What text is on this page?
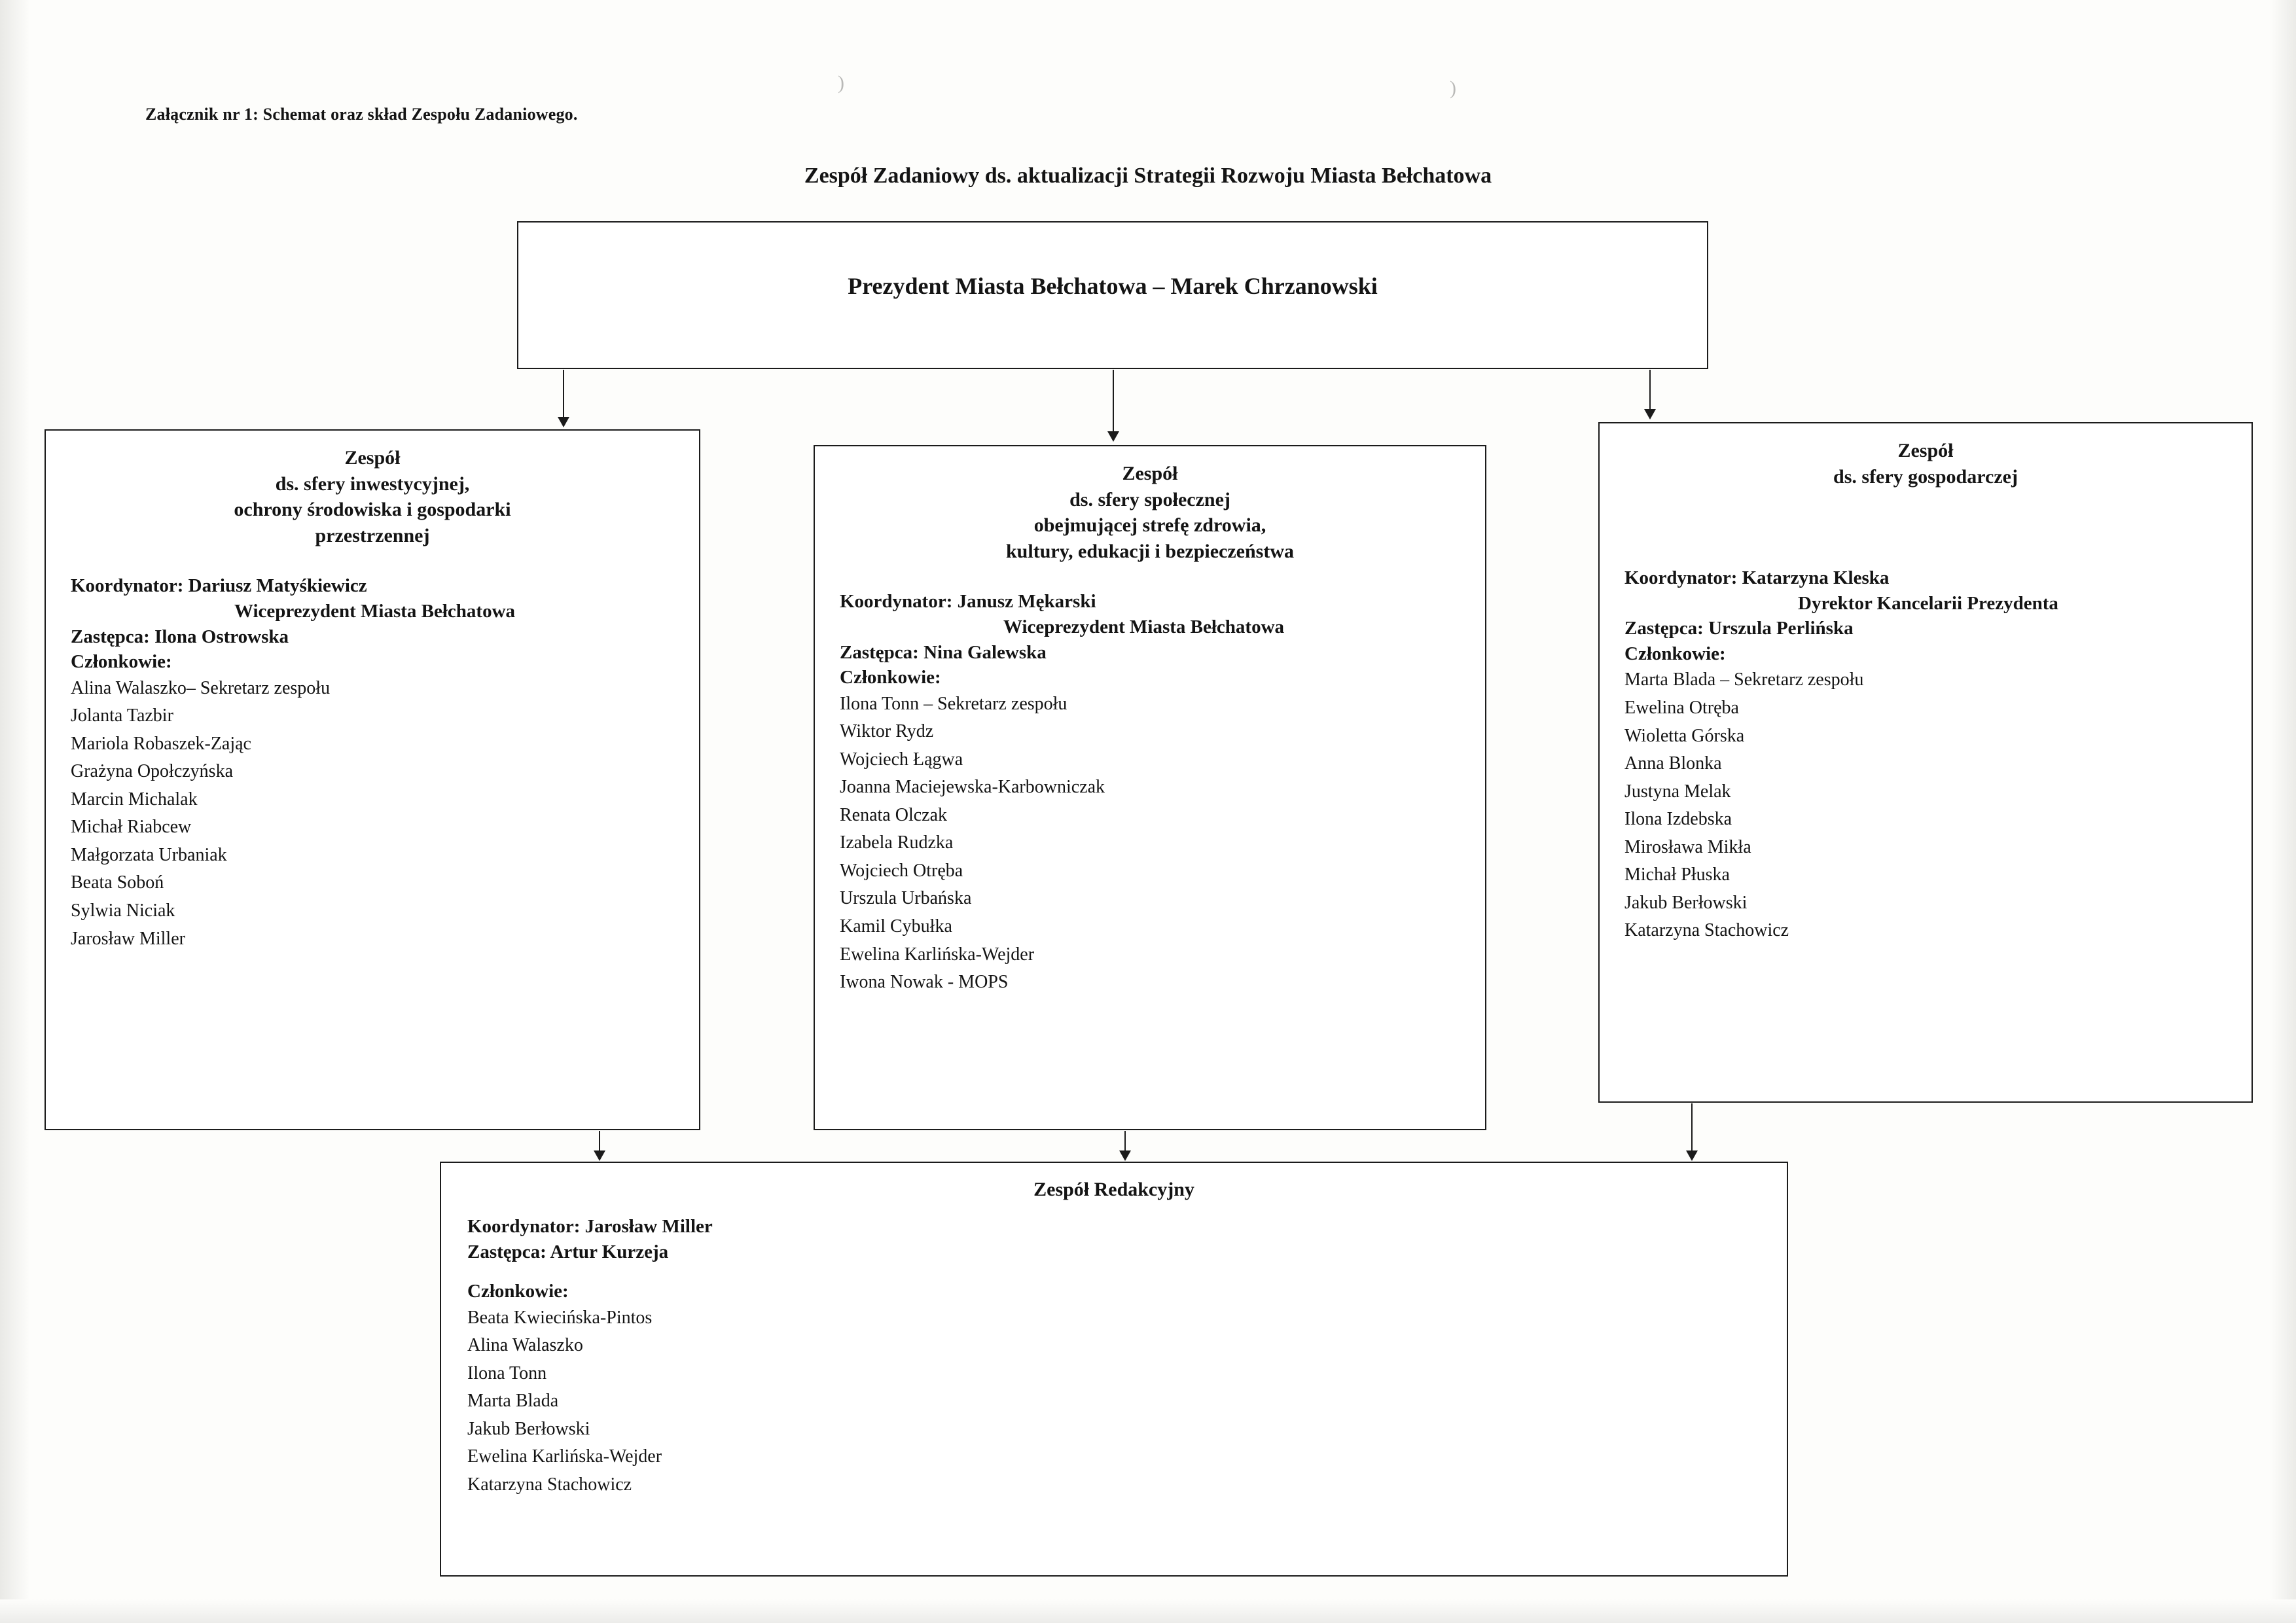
)	)
Załącznik nr 1: Schemat oraz skład Zespołu Zadaniowego.
Zespół Zadaniowy ds. aktualizacji Strategii Rozwoju Miasta Bełchatowa
Prezydent Miasta Bełchatowa – Marek Chrzanowski
Zespół
ds. sfery inwestycyjnej,
ochrony środowiska i gospodarki
przestrzennej
Koordynator: Dariusz Matyśkiewicz
Wiceprezydent Miasta Bełchatowa
Zastępca: Ilona Ostrowska
Członkowie:
Alina Walaszko– Sekretarz zespołu
Jolanta Tazbir
Mariola Robaszek-Zając
Grażyna Opołczyńska
Marcin Michalak
Michał Riabcew
Małgorzata Urbaniak
Beata Soboń
Sylwia Niciak
Jarosław Miller
Zespół
ds. sfery społecznej
obejmującej strefę zdrowia,
kultury, edukacji i bezpieczeństwa
Koordynator: Janusz Mękarski
Wiceprezydent Miasta Bełchatowa
Zastępca: Nina Galewska
Członkowie:
Ilona Tonn – Sekretarz zespołu
Wiktor Rydz
Wojciech Łągwa
Joanna Maciejewska-Karbowniczak
Renata Olczak
Izabela Rudzka
Wojciech Otręba
Urszula Urbańska
Kamil Cybułka
Ewelina Karlińska-Wejder
Iwona Nowak - MOPS
Zespół
ds. sfery gospodarczej
Koordynator: Katarzyna Kleska
Dyrektor Kancelarii Prezydenta
Zastępca: Urszula Perlińska
Członkowie:
Marta Blada – Sekretarz zespołu
Ewelina Otręba
Wioletta Górska
Anna Blonka
Justyna Melak
Ilona Izdebska
Mirosława Mikła
Michał Płuska
Jakub Berłowski
Katarzyna Stachowicz
Zespół Redakcyjny
Koordynator: Jarosław Miller
Zastępca: Artur Kurzeja
Członkowie:
Beata Kwiecińska-Pintos
Alina Walaszko
Ilona Tonn
Marta Blada
Jakub Berłowski
Ewelina Karlińska-Wejder
Katarzyna Stachowicz
